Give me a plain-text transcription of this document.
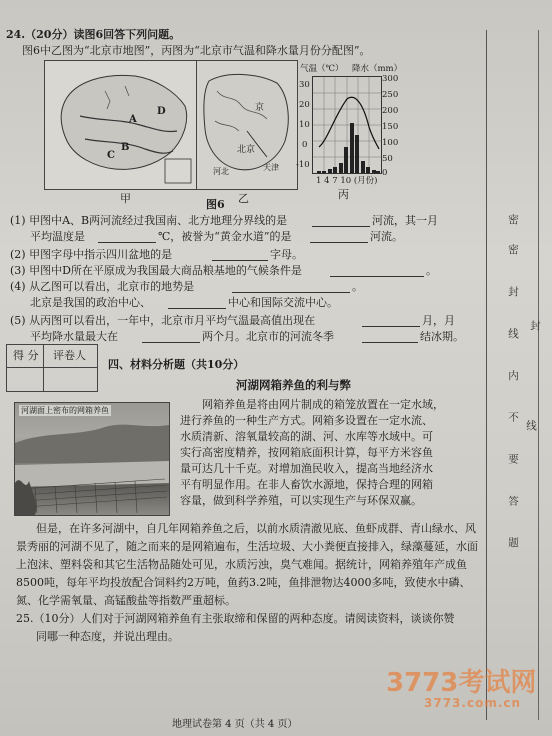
24.（20分）读图6回答下列问题。
图6中乙图为“北京市地图”，丙图为“北京市气温和降水量月份分配图”。
A
B
C
D
甲
京
北京
天津
河北
乙
气温（℃） 降水（mm）
30
20
10
0
-10
300
250
200
150
100
50
0
1 4 7 10 (月份)
丙
图6
(1) 甲图中A、B两河流经过我国南、北方地理分界线的是	河流，其一月
平均温度是	℃，被誉为“黄金水道”的是	河流。
(2) 甲图字母中指示四川盆地的是	字母。
(3) 甲图中D所在平原成为我国最大商品粮基地的气候条件是	。
(4) 从乙图可以看出，北京市的地势是	。
北京是我国的政治中心、	中心和国际交流中心。
(5) 从丙图可以看出，一年中，北京市月平均气温最高值出现在	月，月
平均降水量最大在	两个月。北京市的河流冬季	结冰期。
得 分 评卷人
四、材料分析题（共10分）
河湖网箱养鱼的利与弊
河湖面上密布的网箱养鱼	网箱养鱼是将由网片制成的箱笼放置在一定水域，
进行养鱼的一种生产方式。网箱多设置在一定水流、
水质清新、溶氧量较高的湖、河、水库等水域中。可
实行高密度精养，按网箱底面积计算，每平方米容鱼
量可达几十千克。对增加渔民收入，提高当地经济水
平有明显作用。在非人畜饮水源地，保持合理的网箱
容量，做到科学养殖，可以实现生产与环保双赢。
但是，在许多河湖中，自几年网箱养鱼之后，以前水质清澈见底、鱼虾成群、青山绿水、风
景秀丽的河湖不见了，随之而来的是网箱遍布，生活垃圾、大小粪便直接排入，绿藻蔓延，水面
上泡沫、塑料袋和其它生活物品随处可见，水质污浊，臭气难闻。据统计，网箱养殖年产成鱼
8500吨，每年平均投放配合饲料约2万吨，鱼药3.2吨，鱼排泄物达4000多吨，致使水中磷、
氮、化学需氧量、高锰酸盐等指数严重超标。
25.（10分）人们对于河湖网箱养鱼有主张取缔和保留的两种态度。请阅读资料，谈谈你赞
同哪一种态度，并说出理由。
密
密 封 线 内 不 要 答 题 封
线
地理试卷第 4 页（共 4 页）
3773考试网
3773.com.cn
